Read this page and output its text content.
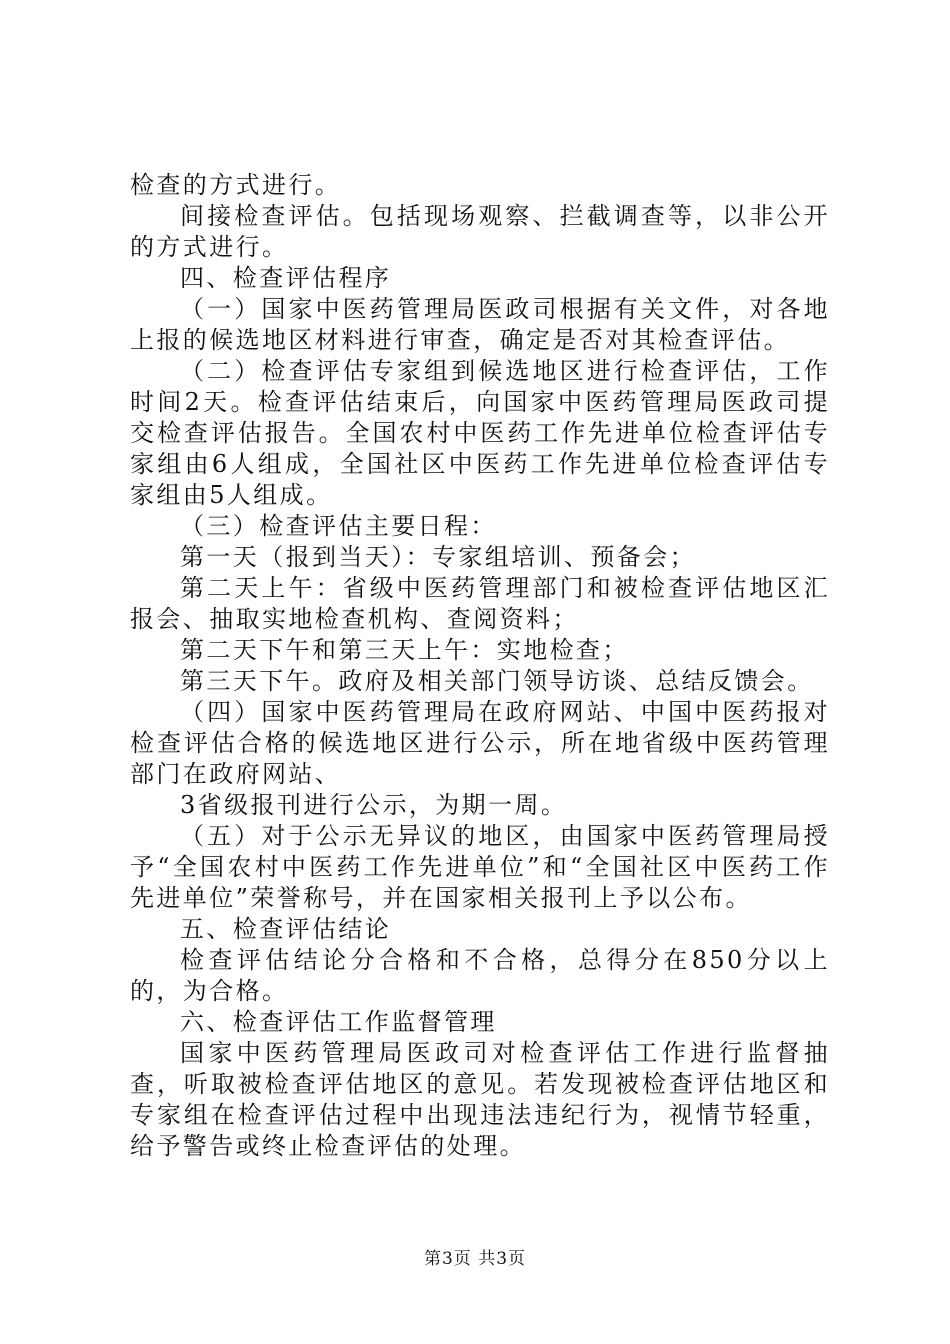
检查的方式进行。

间接检查评估。包括现场观察、拦截调查等，以非公开的方式进行。

四、检查评估程序

（一）国家中医药管理局医政司根据有关文件，对各地上报的候选地区材料进行审查，确定是否对其检查评估。

（二）检查评估专家组到候选地区进行检查评估，工作时间2天。检查评估结束后，向国家中医药管理局医政司提交检查评估报告。全国农村中医药工作先进单位检查评估专家组由6人组成，全国社区中医药工作先进单位检查评估专家组由5人组成。

（三）检查评估主要日程：

第一天（报到当天）：专家组培训、预备会；

第二天上午：省级中医药管理部门和被检查评估地区汇报会、抽取实地检查机构、查阅资料；

第二天下午和第三天上午：实地检查；

第三天下午。政府及相关部门领导访谈、总结反馈会。

（四）国家中医药管理局在政府网站、中国中医药报对检查评估合格的候选地区进行公示，所在地省级中医药管理部门在政府网站、

3省级报刊进行公示，为期一周。

（五）对于公示无异议的地区，由国家中医药管理局授予“全国农村中医药工作先进单位”和“全国社区中医药工作先进单位”荣誉称号，并在国家相关报刊上予以公布。

五、检查评估结论

检查评估结论分合格和不合格，总得分在850分以上的，为合格。

六、检查评估工作监督管理

国家中医药管理局医政司对检查评估工作进行监督抽查，听取被检查评估地区的意见。若发现被检查评估地区和专家组在检查评估过程中出现违法违纪行为，视情节轻重，给予警告或终止检查评估的处理。

第3页 共3页
